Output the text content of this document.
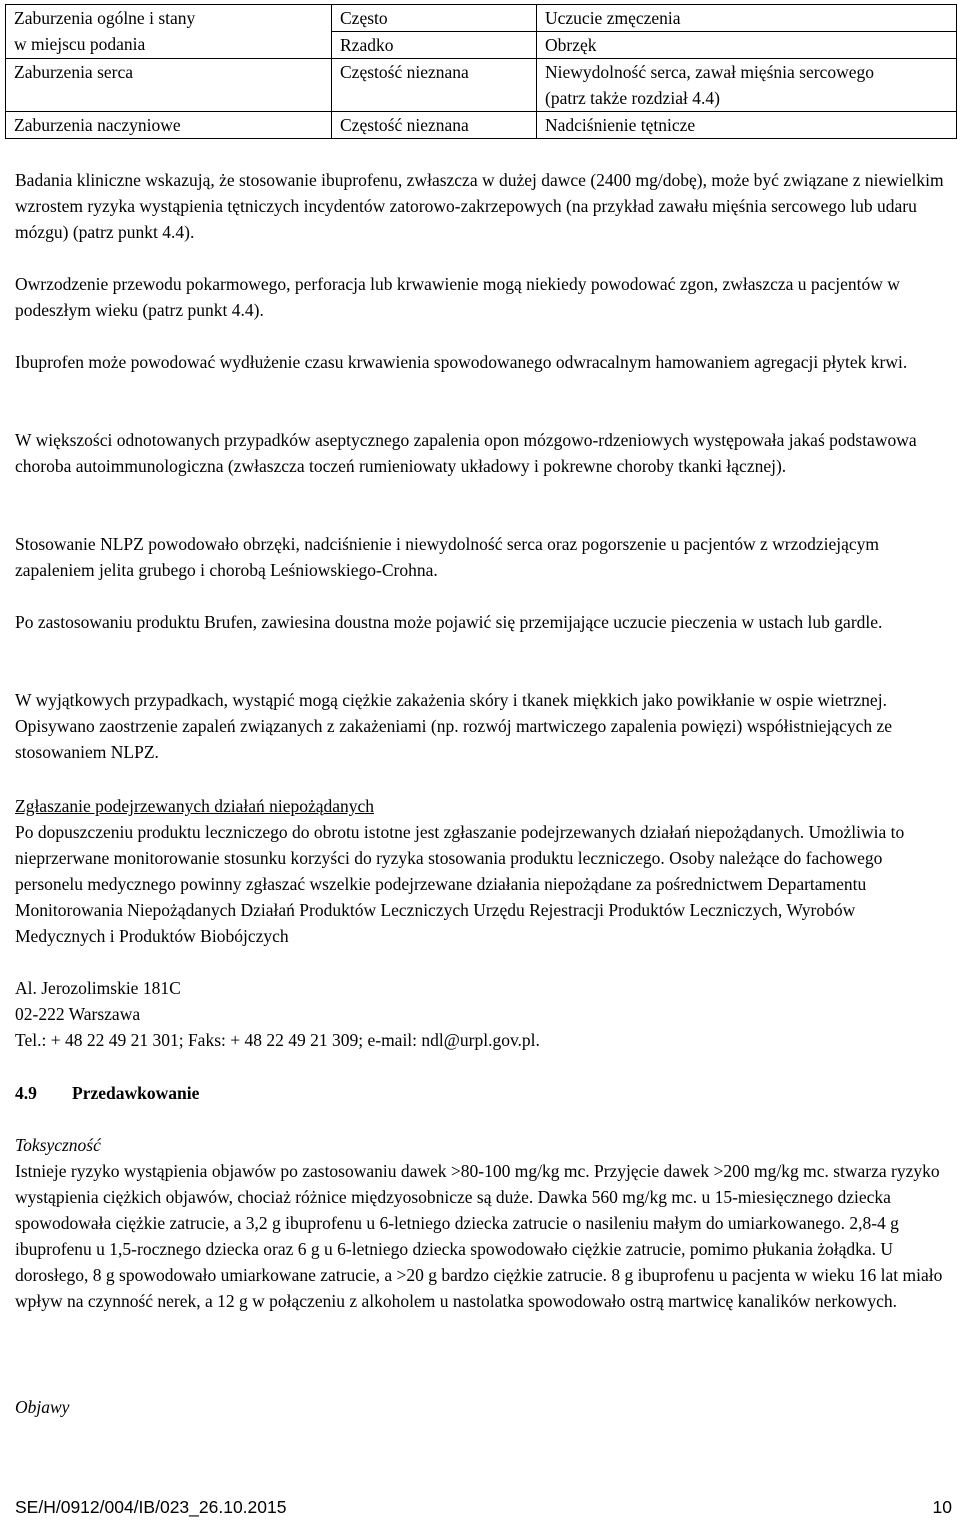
Zaburzenia ogólne i stany
w miejscu podania	Często	Uczucie zmęczenia
	Rzadko	Obrzęk
Zaburzenia serca	Częstość nieznana	Niewydolność serca, zawał mięśnia sercowego (patrz także rozdział 4.4)
Zaburzenia naczyniowe	Częstość nieznana	Nadciśnienie tętnicze

Badania kliniczne wskazują, że stosowanie ibuprofenu, zwłaszcza w dużej dawce (2400 mg/dobę), może być związane z niewielkim wzrostem ryzyka wystąpienia tętniczych incydentów zatorowo-zakrzepowych (na przykład zawału mięśnia sercowego lub udaru mózgu) (patrz punkt 4.4).

Owrzodzenie przewodu pokarmowego, perforacja lub krwawienie mogą niekiedy powodować zgon, zwłaszcza u pacjentów w podeszłym wieku (patrz punkt 4.4).

Ibuprofen może powodować wydłużenie czasu krwawienia spowodowanego odwracalnym hamowaniem agregacji płytek krwi.

W większości odnotowanych przypadków aseptycznego zapalenia opon mózgowo-rdzeniowych występowała jakaś podstawowa choroba autoimmunologiczna (zwłaszcza toczeń rumieniowaty układowy i pokrewne choroby tkanki łącznej).

Stosowanie NLPZ powodowało obrzęki, nadciśnienie i niewydolność serca oraz pogorszenie u pacjentów z wrzodziejącym zapaleniem jelita grubego i chorobą Leśniowskiego-Crohna.

Po zastosowaniu produktu Brufen, zawiesina doustna może pojawić się przemijające uczucie pieczenia w ustach lub gardle.

W wyjątkowych przypadkach, wystąpić mogą ciężkie zakażenia skóry i tkanek miękkich jako powikłanie w ospie wietrznej. Opisywano zaostrzenie zapaleń związanych z zakażeniami (np. rozwój martwiczego zapalenia powięzi) współistniejących ze stosowaniem NLPZ.

Zgłaszanie podejrzewanych działań niepożądanych

Po dopuszczeniu produktu leczniczego do obrotu istotne jest zgłaszanie podejrzewanych działań niepożądanych. Umożliwia to nieprzerwane monitorowanie stosunku korzyści do ryzyka stosowania produktu leczniczego. Osoby należące do fachowego personelu medycznego powinny zgłaszać wszelkie podejrzewane działania niepożądane za pośrednictwem Departamentu Monitorowania Niepożądanych Działań Produktów Leczniczych Urzędu Rejestracji Produktów Leczniczych, Wyrobów Medycznych i Produktów Biobójczych

Al. Jerozolimskie 181C

02-222 Warszawa

Tel.: + 48 22 49 21 301; Faks: + 48 22 49 21 309; e-mail: ndl@urpl.gov.pl.

4.9 Przedawkowanie

Toksyczność

Istnieje ryzyko wystąpienia objawów po zastosowaniu dawek >80-100 mg/kg mc. Przyjęcie dawek >200 mg/kg mc. stwarza ryzyko wystąpienia ciężkich objawów, chociaż różnice międzyosobnicze są duże. Dawka 560 mg/kg mc. u 15-miesięcznego dziecka spowodowała ciężkie zatrucie, a 3,2 g ibuprofenu u 6-letniego dziecka zatrucie o nasileniu małym do umiarkowanego. 2,8-4 g ibuprofenu u 1,5-rocznego dziecka oraz 6 g u 6-letniego dziecka spowodowało ciężkie zatrucie, pomimo płukania żołądka. U dorosłego, 8 g spowodowało umiarkowane zatrucie, a >20 g bardzo ciężkie zatrucie. 8 g ibuprofenu u pacjenta w wieku 16 lat miało wpływ na czynność nerek, a 12 g w połączeniu z alkoholem u nastolatka spowodowało ostrą martwicę kanalików nerkowych.

Objawy

SE/H/0912/004/IB/023_26.10.2015	10
